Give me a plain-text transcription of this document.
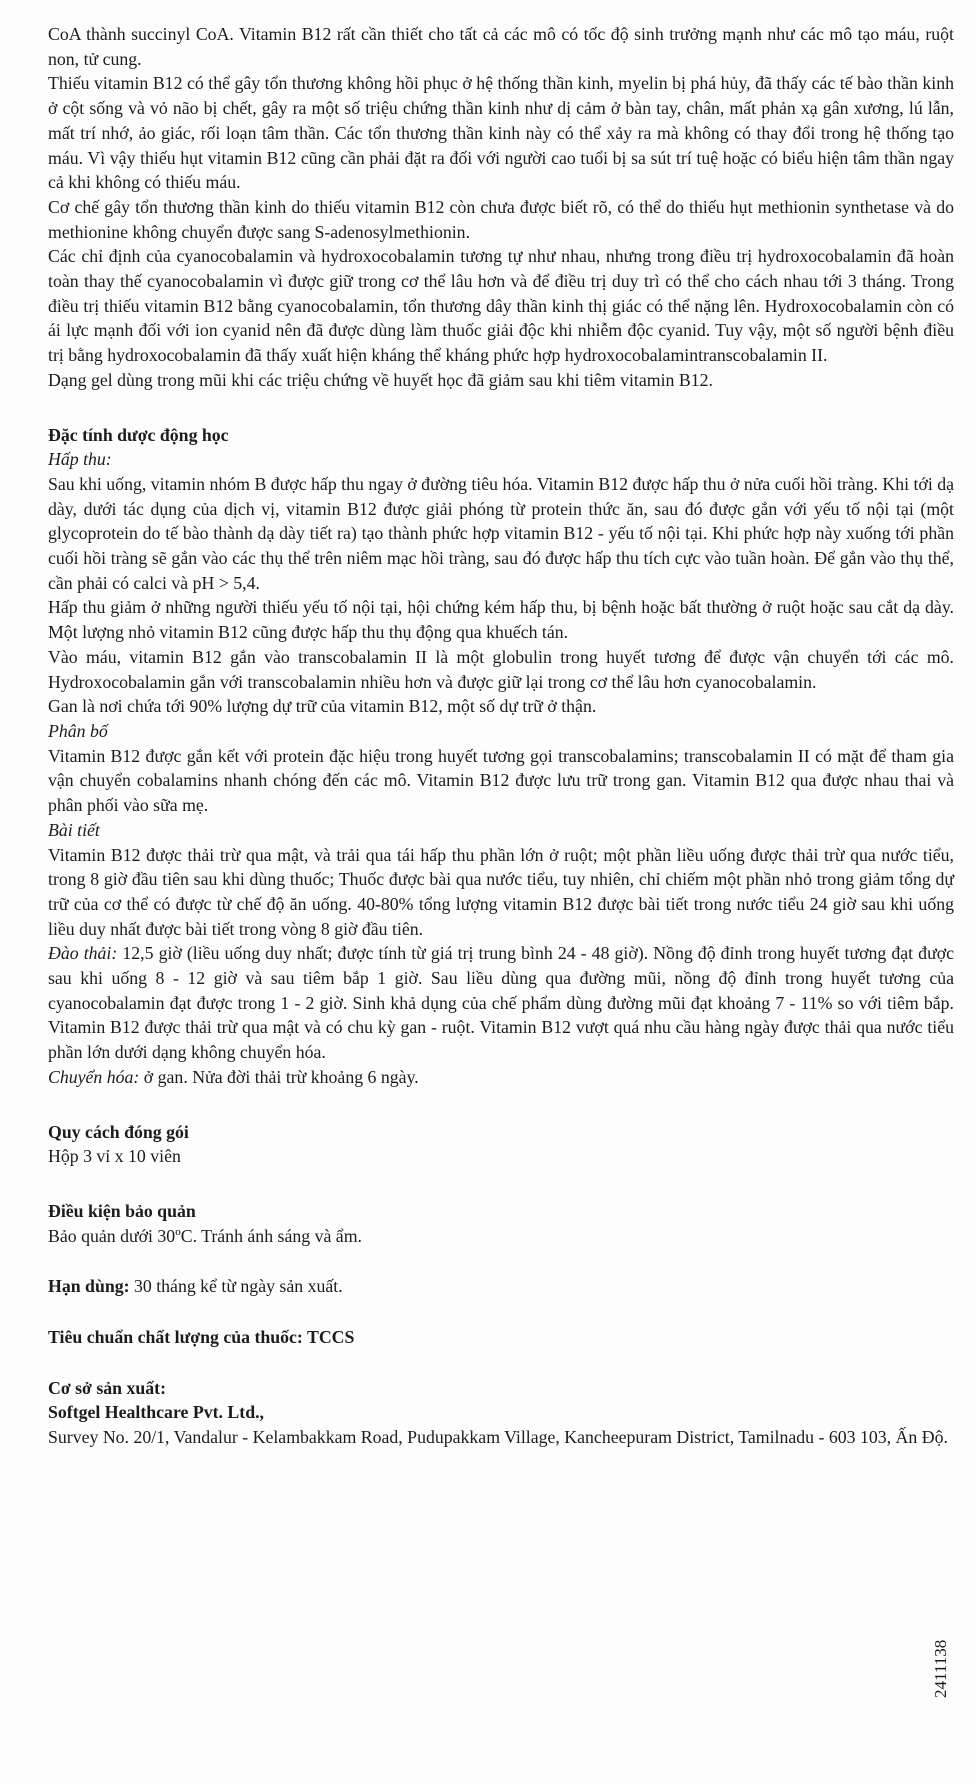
CoA thành succinyl CoA. Vitamin B12 rất cần thiết cho tất cả các mô có tốc độ sinh trưởng mạnh như các mô tạo máu, ruột non, tử cung.

Thiếu vitamin B12 có thể gây tổn thương không hồi phục ở hệ thống thần kinh, myelin bị phá hủy, đã thấy các tế bào thần kinh ở cột sống và vỏ não bị chết, gây ra một số triệu chứng thần kinh như dị cảm ở bàn tay, chân, mất phản xạ gân xương, lú lẫn, mất trí nhớ, ảo giác, rối loạn tâm thần. Các tổn thương thần kinh này có thể xảy ra mà không có thay đổi trong hệ thống tạo máu. Vì vậy thiếu hụt vitamin B12 cũng cần phải đặt ra đối với người cao tuổi bị sa sút trí tuệ hoặc có biểu hiện tâm thần ngay cả khi không có thiếu máu.

Cơ chế gây tổn thương thần kinh do thiếu vitamin B12 còn chưa được biết rõ, có thể do thiếu hụt methionin synthetase và do methionine không chuyển được sang S-adenosylmethionin.

Các chỉ định của cyanocobalamin và hydroxocobalamin tương tự như nhau, nhưng trong điều trị hydroxocobalamin đã hoàn toàn thay thế cyanocobalamin vì được giữ trong cơ thể lâu hơn và để điều trị duy trì có thể cho cách nhau tới 3 tháng. Trong điều trị thiếu vitamin B12 bằng cyanocobalamin, tổn thương dây thần kinh thị giác có thể nặng lên. Hydroxocobalamin còn có ái lực mạnh đối với ion cyanid nên đã được dùng làm thuốc giải độc khi nhiễm độc cyanid. Tuy vậy, một số người bệnh điều trị bằng hydroxocobalamin đã thấy xuất hiện kháng thể kháng phức hợp hydroxocobalamintranscobalamin II.

Dạng gel dùng trong mũi khi các triệu chứng về huyết học đã giảm sau khi tiêm vitamin B12.

Đặc tính dược động học

Hấp thu:

Sau khi uống, vitamin nhóm B được hấp thu ngay ở đường tiêu hóa. Vitamin B12 được hấp thu ở nửa cuối hồi tràng. Khi tới dạ dày, dưới tác dụng của dịch vị, vitamin B12 được giải phóng từ protein thức ăn, sau đó được gắn với yếu tố nội tại (một glycoprotein do tế bào thành dạ dày tiết ra) tạo thành phức hợp vitamin B12 - yếu tố nội tại. Khi phức hợp này xuống tới phần cuối hồi tràng sẽ gắn vào các thụ thể trên niêm mạc hồi tràng, sau đó được hấp thu tích cực vào tuần hoàn. Để gắn vào thụ thể, cần phải có calci và pH > 5,4.

Hấp thu giảm ở những người thiếu yếu tố nội tại, hội chứng kém hấp thu, bị bệnh hoặc bất thường ở ruột hoặc sau cắt dạ dày. Một lượng nhỏ vitamin B12 cũng được hấp thu thụ động qua khuếch tán.

Vào máu, vitamin B12 gắn vào transcobalamin II là một globulin trong huyết tương để được vận chuyển tới các mô. Hydroxocobalamin gắn với transcobalamin nhiều hơn và được giữ lại trong cơ thể lâu hơn cyanocobalamin.

Gan là nơi chứa tới 90% lượng dự trữ của vitamin B12, một số dự trữ ở thận.

Phân bố

Vitamin B12 được gắn kết với protein đặc hiệu trong huyết tương gọi transcobalamins; transcobalamin II có mặt để tham gia vận chuyển cobalamins nhanh chóng đến các mô. Vitamin B12 được lưu trữ trong gan. Vitamin B12 qua được nhau thai và phân phối vào sữa mẹ.

Bài tiết

Vitamin B12 được thải trừ qua mật, và trải qua tái hấp thu phần lớn ở ruột; một phần liều uống được thải trừ qua nước tiểu, trong 8 giờ đầu tiên sau khi dùng thuốc; Thuốc được bài qua nước tiểu, tuy nhiên, chỉ chiếm một phần nhỏ trong giảm tổng dự trữ của cơ thể có được từ chế độ ăn uống. 40-80% tổng lượng vitamin B12 được bài tiết trong nước tiểu 24 giờ sau khi uống liều duy nhất được bài tiết trong vòng 8 giờ đầu tiên.

Đào thải: 12,5 giờ (liều uống duy nhất; được tính từ giá trị trung bình 24 - 48 giờ). Nồng độ đỉnh trong huyết tương đạt được sau khi uống 8 - 12 giờ và sau tiêm bắp 1 giờ. Sau liều dùng qua đường mũi, nồng độ đỉnh trong huyết tương của cyanocobalamin đạt được trong 1 - 2 giờ. Sinh khả dụng của chế phẩm dùng đường mũi đạt khoảng 7 - 11% so với tiêm bắp. Vitamin B12 được thải trừ qua mật và có chu kỳ gan - ruột. Vitamin B12 vượt quá nhu cầu hàng ngày được thải qua nước tiểu phần lớn dưới dạng không chuyển hóa.

Chuyển hóa: ở gan. Nửa đời thải trừ khoảng 6 ngày.

Quy cách đóng gói

Hộp 3 vỉ x 10 viên

Điều kiện bảo quản

Bảo quản dưới 30ºC. Tránh ánh sáng và ẩm.

Hạn dùng: 30 tháng kể từ ngày sản xuất.

Tiêu chuẩn chất lượng của thuốc: TCCS

Cơ sở sản xuất:

Softgel Healthcare Pvt. Ltd.,

Survey No. 20/1, Vandalur - Kelambakkam Road, Pudupakkam Village, Kancheepuram District, Tamilnadu - 603 103, Ấn Độ.

2411138
